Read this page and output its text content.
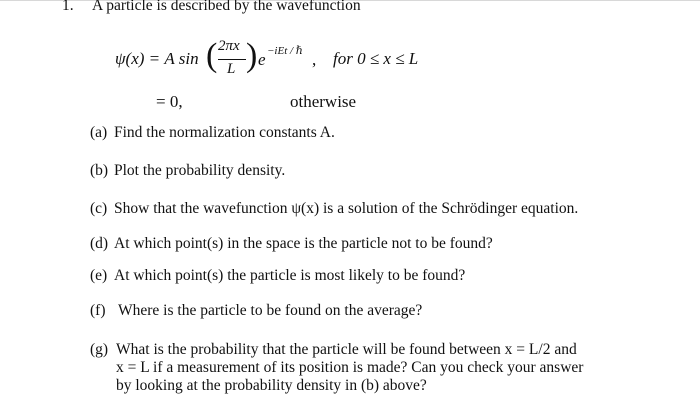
1. A particle is described by the wavefunction
ψ(x) = A sin ( 2πx
L ) e −iEt / ℏ , for 0 ≤ x ≤ L
= 0,	otherwise
(a) Find the normalization constants A.
(b) Plot the probability density.
(c) Show that the wavefunction ψ(x) is a solution of the Schrödinger equation.
(d) At which point(s) in the space is the particle not to be found?
(e) At which point(s) the particle is most likely to be found?
(f) Where is the particle to be found on the average?
(g) What is the probability that the particle will be found between x = L/2 and
x = L if a measurement of its position is made? Can you check your answer
by looking at the probability density in (b) above?
